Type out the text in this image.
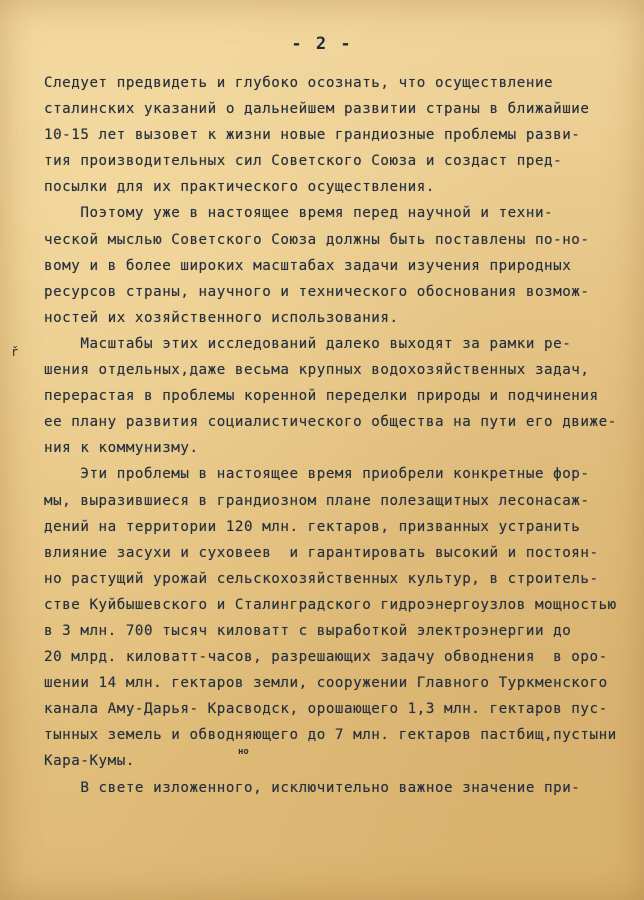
- 2 -
ř
но
Следует предвидеть и глубоко осознать, что осуществление
сталинских указаний о дальнейшем развитии страны в ближайшие
10-15 лет вызовет к жизни новые грандиозные проблемы разви-
тия производительных сил Советского Союза и создаст пред-
посылки для их практического осуществления.
Поэтому уже в настоящее время перед научной и техни-
ческой мыслью Советского Союза должны быть поставлены по-но-
вому и в более широких масштабах задачи изучения природных
ресурсов страны, научного и технического обоснования возмож-
ностей их хозяйственного использования.
Масштабы этих исследований далеко выходят за рамки ре-
шения отдельных,даже весьма крупных водохозяйственных задач,
перерастая в проблемы коренной переделки природы и подчинения
ее плану развития социалистического общества на пути его движе-
ния к коммунизму.
Эти проблемы в настоящее время приобрели конкретные фор-
мы, выразившиеся в грандиозном плане полезащитных лесонасаж-
дений на территории 120 млн. гектаров, призванных устранить
влияние засухи и суховеев  и гарантировать высокий и постоян-
но растущий урожай сельскохозяйственных культур, в строитель-
стве Куйбышевского и Сталинградского гидроэнергоузлов мощностью
в 3 млн. 700 тысяч киловатт с выработкой электроэнергии до
20 млрд. киловатт-часов, разрешающих задачу обводнения  в оро-
шении 14 млн. гектаров земли, сооружении Главного Туркменского
канала Аму-Дарья- Красводск, орошающего 1,3 млн. гектаров пус-
тынных земель и обводняющего до 7 млн. гектаров пастбищ,пустыни
Кара-Кумы.
В свете изложенного, исключительно важное значение при-
